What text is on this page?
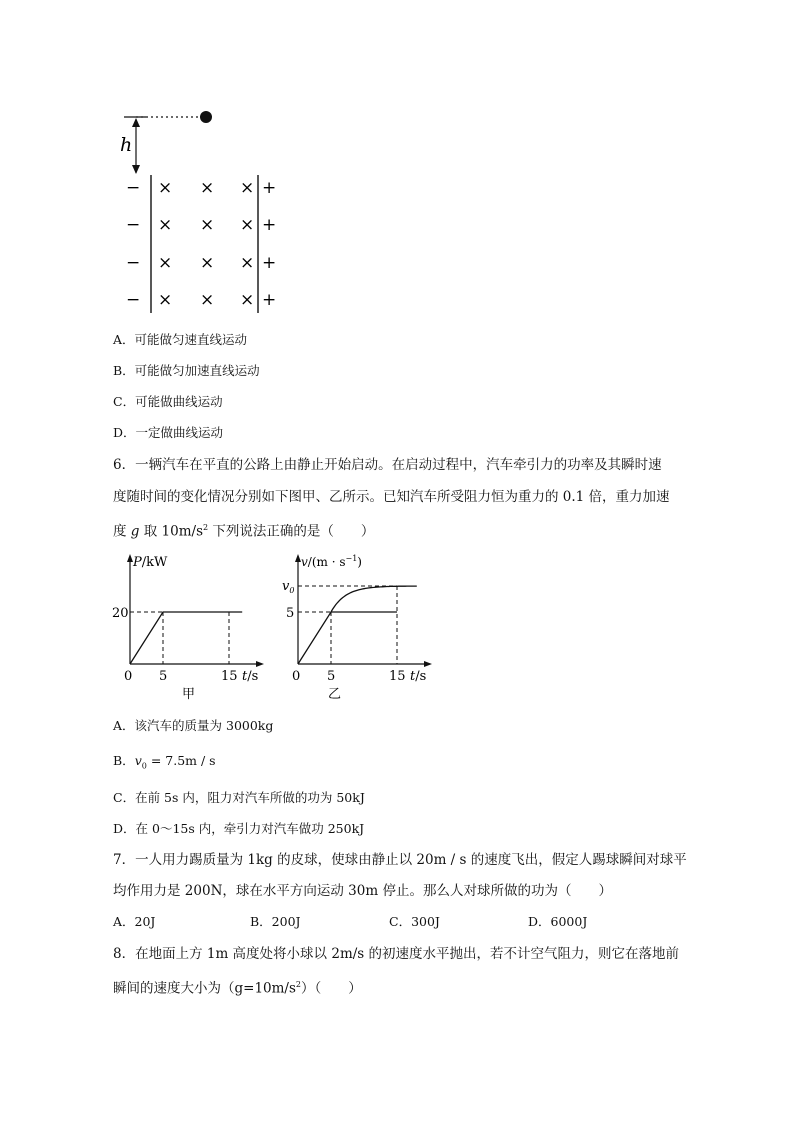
h
− × × × +
− × × × +
− × × × +
− × × × +
A．可能做匀速直线运动
B．可能做匀加速直线运动
C．可能做曲线运动
D．一定做曲线运动
6．一辆汽车在平直的公路上由静止开始启动。在启动过程中，汽车牵引力的功率及其瞬时速
度随时间的变化情况分别如下图甲、乙所示。已知汽车所受阻力恒为重力的 0.1 倍，重力加速
度 g 取 $10m/s^2$ 下列说法正确的是（　　）
P/kW
20
0 5	15 t/s
甲
$v/(m \cdot s^{-1})$
$v_0$
5
0 5	15 t/s
乙
A．该汽车的质量为 3000kg
B．$v_0 = 7.5m / s$
C．在前 5s 内，阻力对汽车所做的功为 50kJ
D．在 0～15s 内，牵引力对汽车做功 250kJ
7．一人用力踢质量为 1kg 的皮球，使球由静止以 20m / s 的速度飞出，假定人踢球瞬间对球平
均作用力是 200N，球在水平方向运动 30m 停止。那么人对球所做的功为（　　）
A．20J	B．200J	C．300J	D．6000J
8．在地面上方 1m 高度处将小球以 2m/s 的初速度水平抛出，若不计空气阻力，则它在落地前
瞬间的速度大小为$(g=10m/s^2)$（　　）
